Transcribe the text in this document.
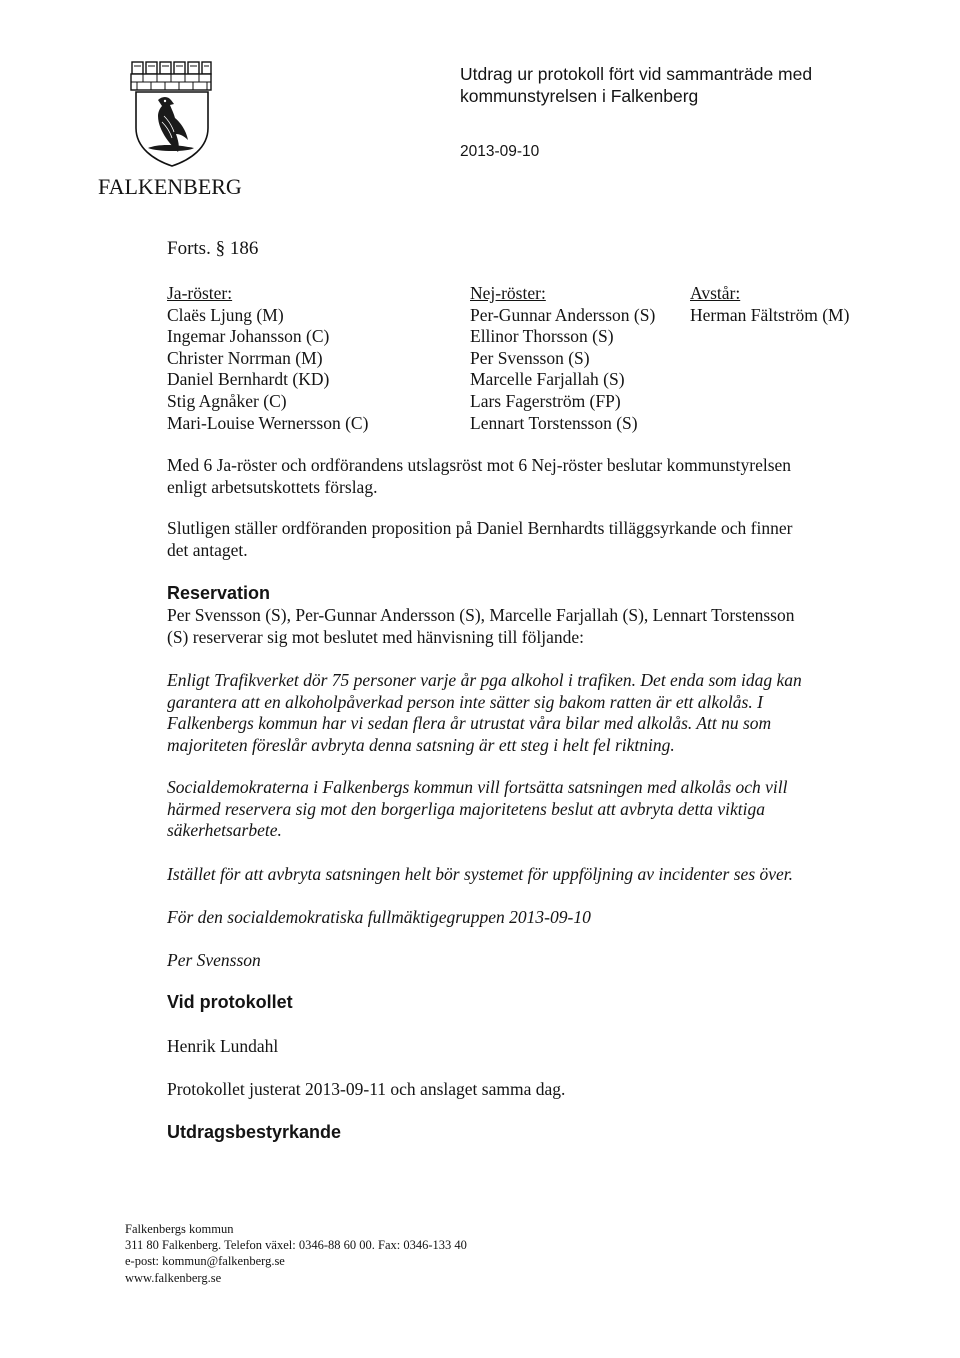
FALKENBERG
Utdrag ur protokoll fört vid sammanträde med
kommunstyrelsen i Falkenberg
2013-09-10
Forts. § 186
Ja-röster:
Claës Ljung (M)
Ingemar Johansson (C)
Christer Norrman (M)
Daniel Bernhardt (KD)
Stig Agnåker (C)
Mari-Louise Wernersson (C)
Nej-röster:
Per-Gunnar Andersson (S)
Ellinor Thorsson (S)
Per Svensson (S)
Marcelle Farjallah (S)
Lars Fagerström (FP)
Lennart Torstensson (S)
Avstår:
Herman Fältström (M)
Med 6 Ja-röster och ordförandens utslagsröst mot 6 Nej-röster beslutar kommunstyrelsen
enligt arbetsutskottets förslag.
Slutligen ställer ordföranden proposition på Daniel Bernhardts tilläggsyrkande och finner
det antaget.
Reservation
Per Svensson (S), Per-Gunnar Andersson (S), Marcelle Farjallah (S), Lennart Torstensson
(S) reserverar sig mot beslutet med hänvisning till följande:
Enligt Trafikverket dör 75 personer varje år pga alkohol i trafiken. Det enda som idag kan
garantera att en alkoholpåverkad person inte sätter sig bakom ratten är ett alkolås. I
Falkenbergs kommun har vi sedan flera år utrustat våra bilar med alkolås. Att nu som
majoriteten föreslår avbryta denna satsning är ett steg i helt fel riktning.
Socialdemokraterna i Falkenbergs kommun vill fortsätta satsningen med alkolås och vill
härmed reservera sig mot den borgerliga majoritetens beslut att avbryta detta viktiga
säkerhetsarbete.
Istället för att avbryta satsningen helt bör systemet för uppföljning av incidenter ses över.
För den socialdemokratiska fullmäktigegruppen 2013-09-10
Per Svensson
Vid protokollet
Henrik Lundahl
Protokollet justerat 2013-09-11 och anslaget samma dag.
Utdragsbestyrkande
Falkenbergs kommun
311 80 Falkenberg. Telefon växel: 0346-88 60 00. Fax: 0346-133 40
e-post: kommun@falkenberg.se
www.falkenberg.se
